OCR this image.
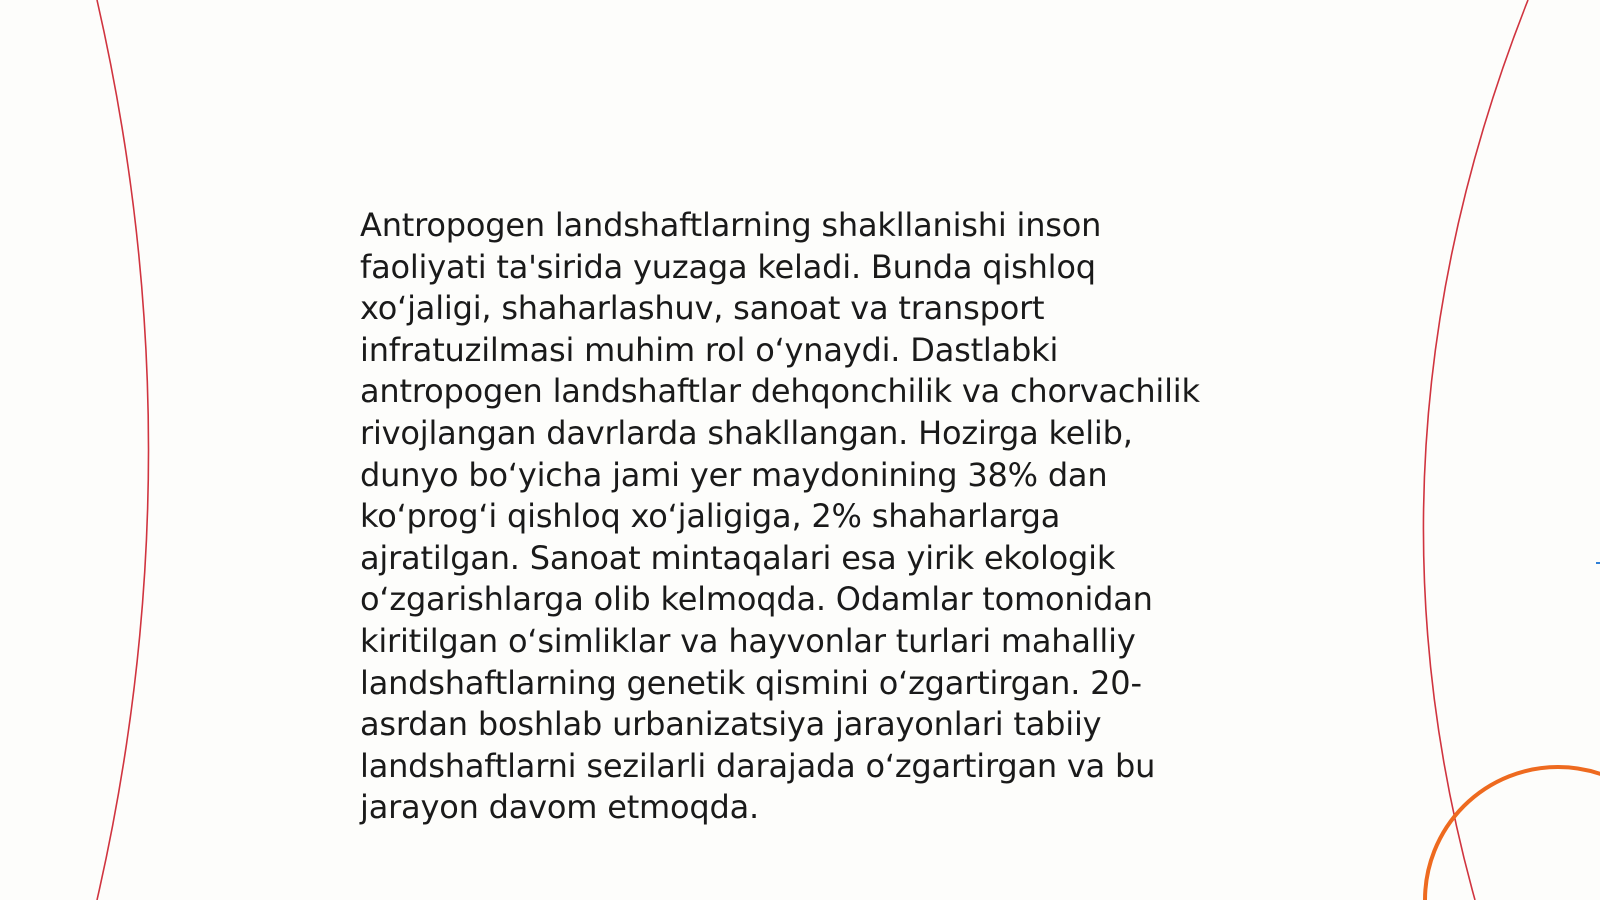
Antropogen landshaftlarning shakllanishi inson
faoliyati ta'sirida yuzaga keladi. Bunda qishloq
xoʻjaligi, shaharlashuv, sanoat va transport
infratuzilmasi muhim rol oʻynaydi. Dastlabki
antropogen landshaftlar dehqonchilik va chorvachilik
rivojlangan davrlarda shakllangan. Hozirga kelib,
dunyo boʻyicha jami yer maydonining 38% dan
koʻprogʻi qishloq xoʻjaligiga, 2% shaharlarga
ajratilgan. Sanoat mintaqalari esa yirik ekologik
oʻzgarishlarga olib kelmoqda. Odamlar tomonidan
kiritilgan oʻsimliklar va hayvonlar turlari mahalliy
landshaftlarning genetik qismini oʻzgartirgan. 20-
asrdan boshlab urbanizatsiya jarayonlari tabiiy
landshaftlarni sezilarli darajada oʻzgartirgan va bu
jarayon davom etmoqda.
